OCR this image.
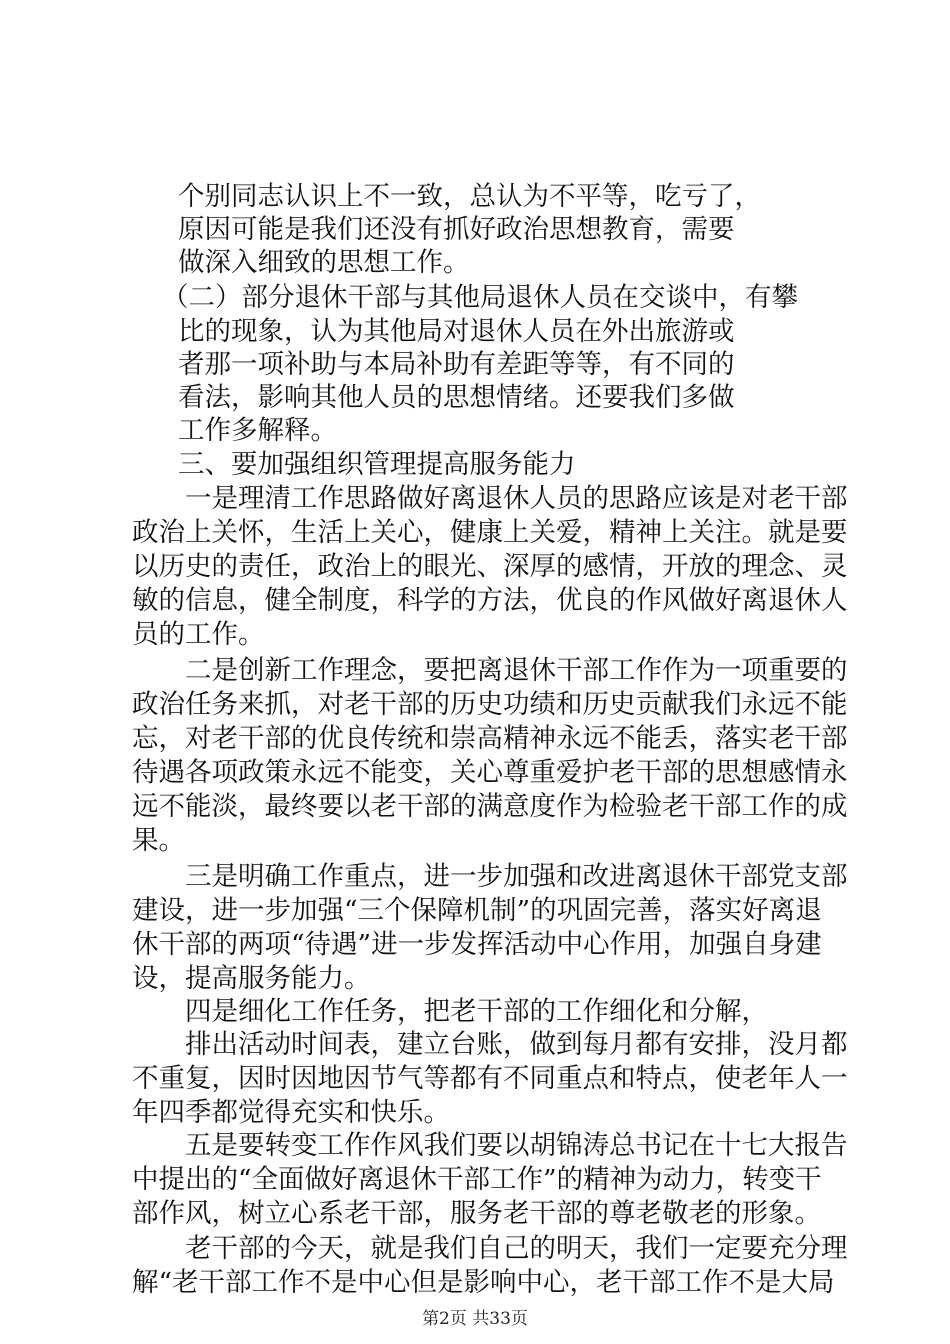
个别同志认识上不一致，总认为不平等，吃亏了，

原因可能是我们还没有抓好政治思想教育，需要

做深入细致的思想工作。

（二）部分退休干部与其他局退休人员在交谈中，有攀

比的现象，认为其他局对退休人员在外出旅游或

者那一项补助与本局补助有差距等等，有不同的

看法，影响其他人员的思想情绪。还要我们多做

工作多解释。

三、要加强组织管理提高服务能力

一是理清工作思路做好离退休人员的思路应该是对老干部

政治上关怀，生活上关心，健康上关爱，精神上关注。就是要

以历史的责任，政治上的眼光、深厚的感情，开放的理念、灵

敏的信息，健全制度，科学的方法，优良的作风做好离退休人

员的工作。

二是创新工作理念，要把离退休干部工作作为一项重要的

政治任务来抓，对老干部的历史功绩和历史贡献我们永远不能

忘，对老干部的优良传统和崇高精神永远不能丢，落实老干部

待遇各项政策永远不能变，关心尊重爱护老干部的思想感情永

远不能淡，最终要以老干部的满意度作为检验老干部工作的成

果。

三是明确工作重点，进一步加强和改进离退休干部党支部

建设，进一步加强“三个保障机制”的巩固完善，落实好离退

休干部的两项“待遇”进一步发挥活动中心作用，加强自身建

设，提高服务能力。

四是细化工作任务，把老干部的工作细化和分解，

排出活动时间表，建立台账，做到每月都有安排，没月都

不重复，因时因地因节气等都有不同重点和特点，使老年人一

年四季都觉得充实和快乐。

五是要转变工作作风我们要以胡锦涛总书记在十七大报告

中提出的“全面做好离退休干部工作”的精神为动力，转变干

部作风，树立心系老干部，服务老干部的尊老敬老的形象。

老干部的今天，就是我们自己的明天，我们一定要充分理

解“老干部工作不是中心但是影响中心，老干部工作不是大局

第2页 共33页
